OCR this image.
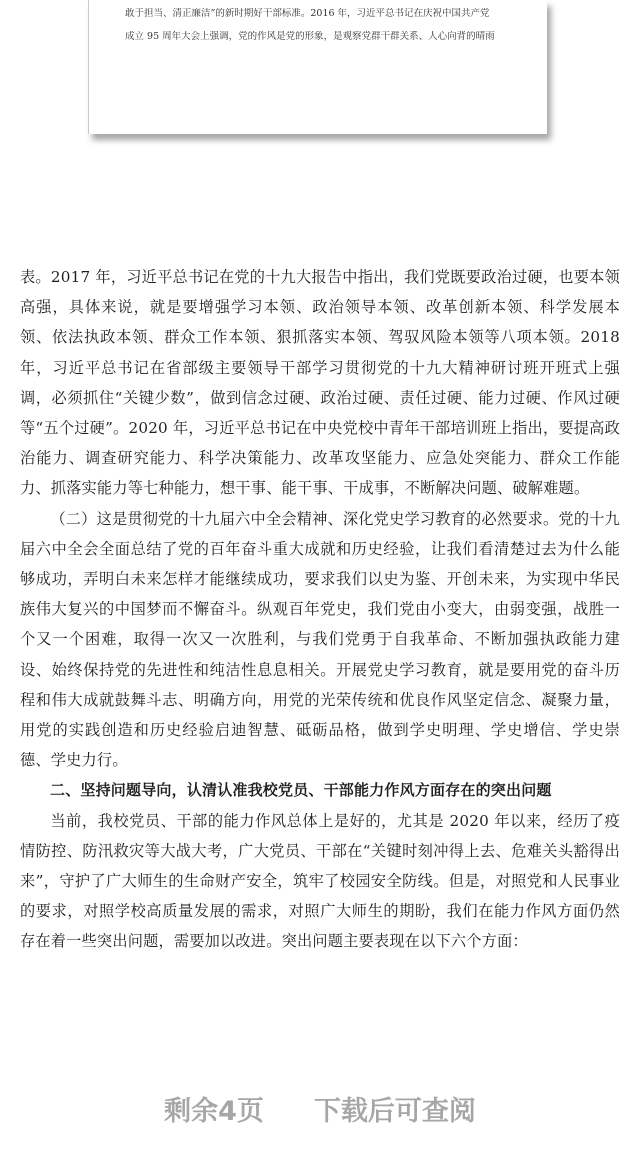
敢于担当、清正廉洁”的新时期好干部标准。2016 年，习近平总书记在庆祝中国共产党

成立 95 周年大会上强调，党的作风是党的形象，是观察党群干群关系、人心向背的晴雨

表。2017 年，习近平总书记在党的十九大报告中指出，我们党既要政治过硬，也要本领高强，具体来说，就是要增强学习本领、政治领导本领、改革创新本领、科学发展本领、依法执政本领、群众工作本领、狠抓落实本领、驾驭风险本领等八项本领。2018 年，习近平总书记在省部级主要领导干部学习贯彻党的十九大精神研讨班开班式上强调，必须抓住“关键少数”，做到信念过硬、政治过硬、责任过硬、能力过硬、作风过硬等“五个过硬”。2020 年，习近平总书记在中央党校中青年干部培训班上指出，要提高政治能力、调查研究能力、科学决策能力、改革攻坚能力、应急处突能力、群众工作能力、抓落实能力等七种能力，想干事、能干事、干成事，不断解决问题、破解难题。

（二）这是贯彻党的十九届六中全会精神、深化党史学习教育的必然要求。党的十九届六中全会全面总结了党的百年奋斗重大成就和历史经验，让我们看清楚过去为什么能够成功，弄明白未来怎样才能继续成功，要求我们以史为鉴、开创未来，为实现中华民族伟大复兴的中国梦而不懈奋斗。纵观百年党史，我们党由小变大，由弱变强，战胜一个又一个困难，取得一次又一次胜利，与我们党勇于自我革命、不断加强执政能力建设、始终保持党的先进性和纯洁性息息相关。开展党史学习教育，就是要用党的奋斗历程和伟大成就鼓舞斗志、明确方向，用党的光荣传统和优良作风坚定信念、凝聚力量，用党的实践创造和历史经验启迪智慧、砥砺品格，做到学史明理、学史增信、学史崇德、学史力行。

二、坚持问题导向，认清认准我校党员、干部能力作风方面存在的突出问题

当前，我校党员、干部的能力作风总体上是好的，尤其是 2020 年以来，经历了疫情防控、防汛救灾等大战大考，广大党员、干部在“关键时刻冲得上去、危难关头豁得出来”，守护了广大师生的生命财产安全，筑牢了校园安全防线。但是，对照党和人民事业的要求，对照学校高质量发展的需求，对照广大师生的期盼，我们在能力作风方面仍然存在着一些突出问题，需要加以改进。突出问题主要表现在以下六个方面：

剩余4页 下载后可查阅
